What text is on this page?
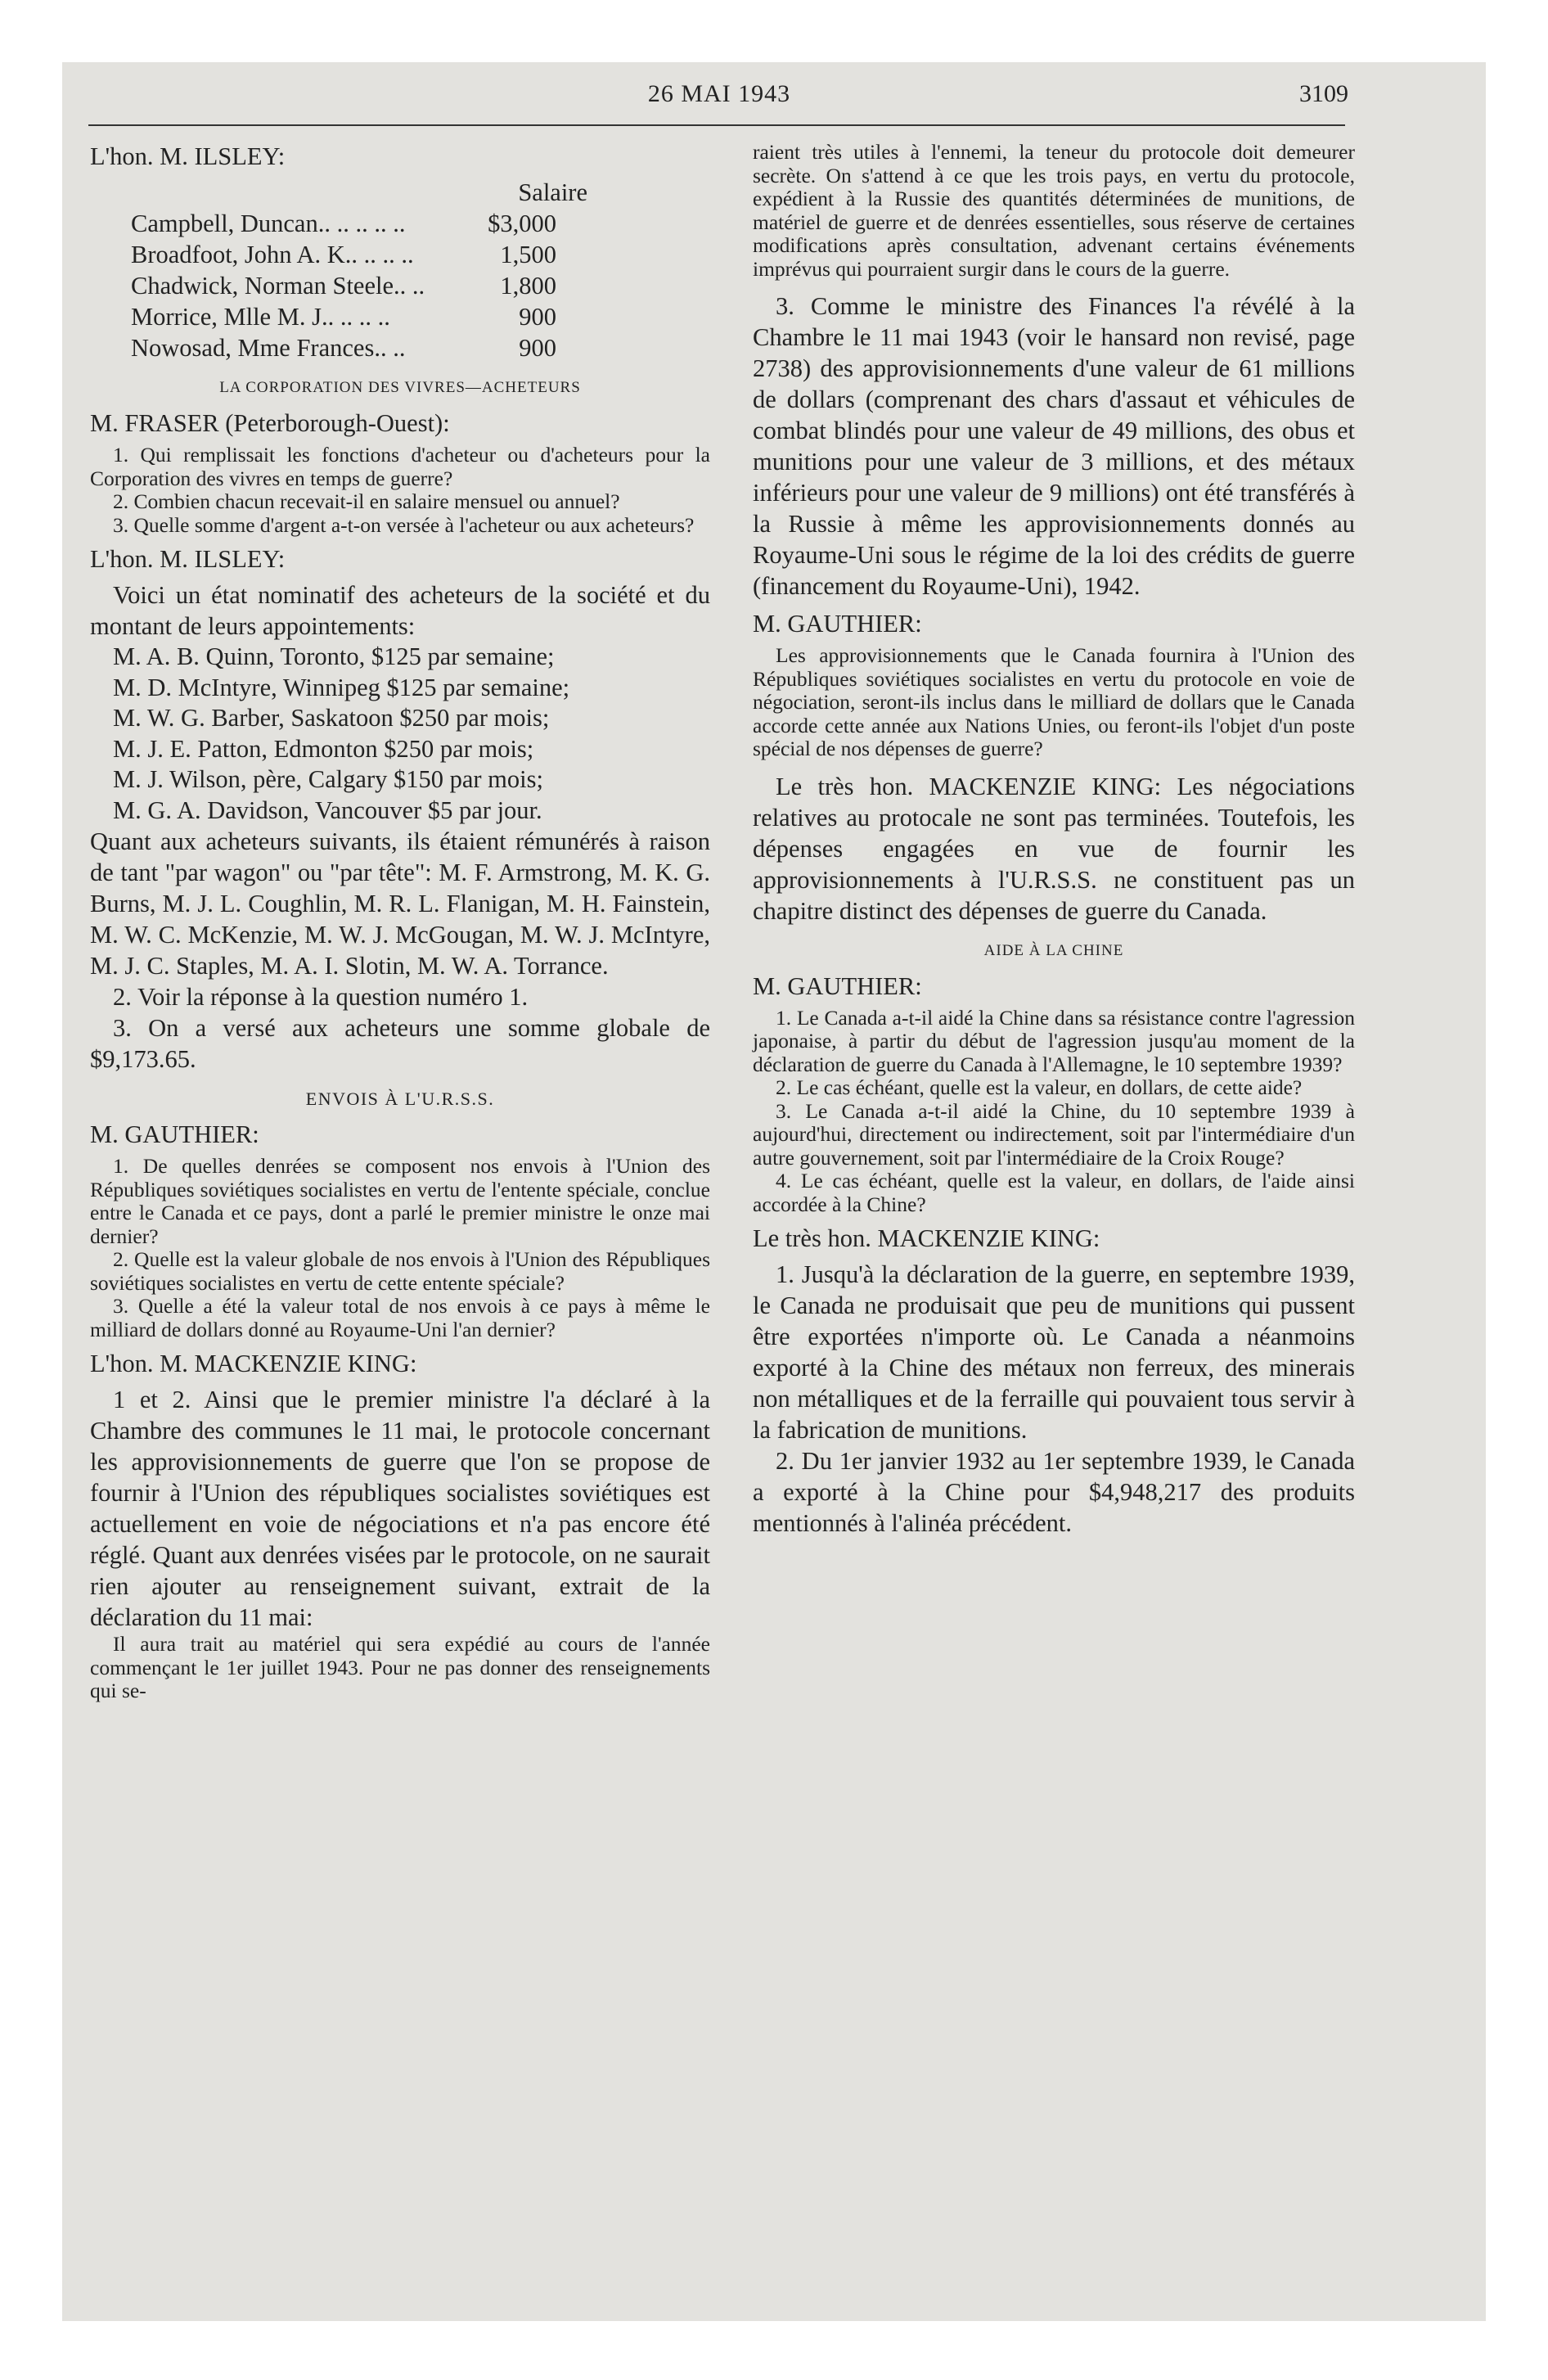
26 MAI 1943	3109

L'hon. M. ILSLEY:

Salaire
Campbell, Duncan.. .. .. .. ..	$3,000
Broadfoot, John A. K.. .. .. ..	1,500
Chadwick, Norman Steele.. ..	1,800
Morrice, Mlle M. J.. .. .. ..	900
Nowosad, Mme Frances.. ..	900
LA CORPORATION DES VIVRES—ACHETEURS

M. FRASER (Peterborough-Ouest):

1. Qui remplissait les fonctions d'acheteur ou d'acheteurs pour la Corporation des vivres en temps de guerre?

2. Combien chacun recevait-il en salaire mensuel ou annuel?

3. Quelle somme d'argent a-t-on versée à l'acheteur ou aux acheteurs?

L'hon. M. ILSLEY:

Voici un état nominatif des acheteurs de la société et du montant de leurs appointements:

M. A. B. Quinn, Toronto, $125 par semaine;

M. D. McIntyre, Winnipeg $125 par semaine;

M. W. G. Barber, Saskatoon $250 par mois;

M. J. E. Patton, Edmonton $250 par mois;

M. J. Wilson, père, Calgary $150 par mois;

M. G. A. Davidson, Vancouver $5 par jour.

Quant aux acheteurs suivants, ils étaient rémunérés à raison de tant "par wagon" ou "par tête": M. F. Armstrong, M. K. G. Burns, M. J. L. Coughlin, M. R. L. Flanigan, M. H. Fainstein, M. W. C. McKenzie, M. W. J. McGougan, M. W. J. McIntyre, M. J. C. Staples, M. A. I. Slotin, M. W. A. Torrance.

2. Voir la réponse à la question numéro 1.

3. On a versé aux acheteurs une somme globale de $9,173.65.

ENVOIS À L'U.R.S.S.

M. GAUTHIER:

1. De quelles denrées se composent nos envois à l'Union des Républiques soviétiques socialistes en vertu de l'entente spéciale, conclue entre le Canada et ce pays, dont a parlé le premier ministre le onze mai dernier?

2. Quelle est la valeur globale de nos envois à l'Union des Républiques soviétiques socialistes en vertu de cette entente spéciale?

3. Quelle a été la valeur total de nos envois à ce pays à même le milliard de dollars donné au Royaume-Uni l'an dernier?

L'hon. M. MACKENZIE KING:

1 et 2. Ainsi que le premier ministre l'a déclaré à la Chambre des communes le 11 mai, le protocole concernant les approvisionnements de guerre que l'on se propose de fournir à l'Union des républiques socialistes soviétiques est actuellement en voie de négociations et n'a pas encore été réglé. Quant aux denrées visées par le protocole, on ne saurait rien ajouter au renseignement suivant, extrait de la déclaration du 11 mai:

Il aura trait au matériel qui sera expédié au cours de l'année commençant le 1er juillet 1943. Pour ne pas donner des renseignements qui se-

raient très utiles à l'ennemi, la teneur du protocole doit demeurer secrète. On s'attend à ce que les trois pays, en vertu du protocole, expédient à la Russie des quantités déterminées de munitions, de matériel de guerre et de denrées essentielles, sous réserve de certaines modifications après consultation, advenant certains événements imprévus qui pourraient surgir dans le cours de la guerre.

3. Comme le ministre des Finances l'a révélé à la Chambre le 11 mai 1943 (voir le hansard non revisé, page 2738) des approvisionnements d'une valeur de 61 millions de dollars (comprenant des chars d'assaut et véhicules de combat blindés pour une valeur de 49 millions, des obus et munitions pour une valeur de 3 millions, et des métaux inférieurs pour une valeur de 9 millions) ont été transférés à la Russie à même les approvisionnements donnés au Royaume-Uni sous le régime de la loi des crédits de guerre (financement du Royaume-Uni), 1942.

M. GAUTHIER:

Les approvisionnements que le Canada fournira à l'Union des Républiques soviétiques socialistes en vertu du protocole en voie de négociation, seront-ils inclus dans le milliard de dollars que le Canada accorde cette année aux Nations Unies, ou feront-ils l'objet d'un poste spécial de nos dépenses de guerre?

Le très hon. MACKENZIE KING: Les négociations relatives au protocale ne sont pas terminées. Toutefois, les dépenses engagées en vue de fournir les approvisionnements à l'U.R.S.S. ne constituent pas un chapitre distinct des dépenses de guerre du Canada.

AIDE À LA CHINE

M. GAUTHIER:

1. Le Canada a-t-il aidé la Chine dans sa résistance contre l'agression japonaise, à partir du début de l'agression jusqu'au moment de la déclaration de guerre du Canada à l'Allemagne, le 10 septembre 1939?

2. Le cas échéant, quelle est la valeur, en dollars, de cette aide?

3. Le Canada a-t-il aidé la Chine, du 10 septembre 1939 à aujourd'hui, directement ou indirectement, soit par l'intermédiaire d'un autre gouvernement, soit par l'intermédiaire de la Croix Rouge?

4. Le cas échéant, quelle est la valeur, en dollars, de l'aide ainsi accordée à la Chine?

Le très hon. MACKENZIE KING:

1. Jusqu'à la déclaration de la guerre, en septembre 1939, le Canada ne produisait que peu de munitions qui pussent être exportées n'importe où. Le Canada a néanmoins exporté à la Chine des métaux non ferreux, des minerais non métalliques et de la ferraille qui pouvaient tous servir à la fabrication de munitions.

2. Du 1er janvier 1932 au 1er septembre 1939, le Canada a exporté à la Chine pour $4,948,217 des produits mentionnés à l'alinéa précédent.
